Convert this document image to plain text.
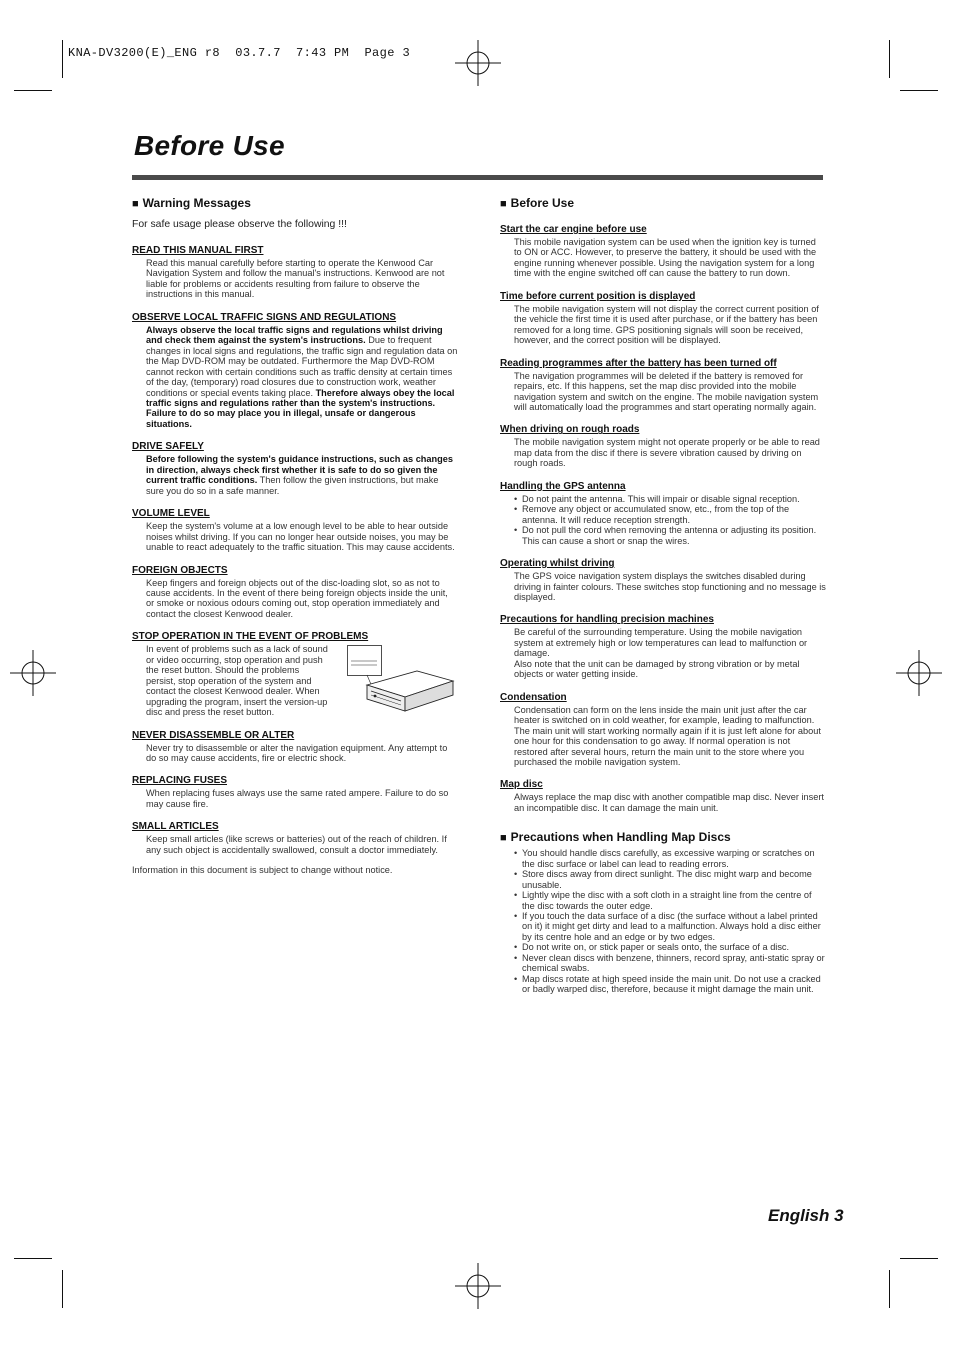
KNA-DV3200(E)_ENG r8  03.7.7  7:43 PM  Page 3
Before Use
■ Warning Messages
For safe usage please observe the following !!!
READ THIS MANUAL FIRST
Read this manual carefully before starting to operate the Kenwood Car Navigation System and follow the manual's instructions. Kenwood are not liable for problems or accidents resulting from failure to observe the instructions in this manual.
OBSERVE LOCAL TRAFFIC SIGNS AND REGULATIONS
Always observe the local traffic signs and regulations whilst driving and check them against the system's instructions. Due to frequent changes in local signs and regulations, the traffic sign and regulation data on the Map DVD-ROM may be outdated. Furthermore the Map DVD-ROM cannot reckon with certain conditions such as traffic density at certain times of the day, (temporary) road closures due to construction work, weather conditions or special events taking place. Therefore always obey the local traffic signs and regulations rather than the system's instructions. Failure to do so may place you in illegal, unsafe or dangerous situations.
DRIVE SAFELY
Before following the system's guidance instructions, such as changes in direction, always check first whether it is safe to do so given the current traffic conditions. Then follow the given instructions, but make sure you do so in a safe manner.
VOLUME LEVEL
Keep the system's volume at a low enough level to be able to hear outside noises whilst driving. If you can no longer hear outside noises, you may be unable to react adequately to the traffic situation. This may cause accidents.
FOREIGN OBJECTS
Keep fingers and foreign objects out of the disc-loading slot, so as not to cause accidents. In the event of there being foreign objects inside the unit, or smoke or noxious odours coming out, stop operation immediately and contact the closest Kenwood dealer.
STOP OPERATION IN THE EVENT OF PROBLEMS
In event of problems such as a lack of sound or video occurring, stop operation and push the reset button. Should the problems persist, stop operation of the system and contact the closest Kenwood dealer. When upgrading the program, insert the version-up disc and press the reset button.
NEVER DISASSEMBLE OR ALTER
Never try to disassemble or alter the navigation equipment. Any attempt to do so may cause accidents, fire or electric shock.
REPLACING FUSES
When replacing fuses always use the same rated ampere. Failure to do so may cause fire.
SMALL ARTICLES
Keep small articles (like screws or batteries) out of the reach of children. If any such object is accidentally swallowed, consult a doctor immediately.
Information in this document is subject to change without notice.
■ Before Use
Start the car engine before use
This mobile navigation system can be used when the ignition key is turned to ON or ACC. However, to preserve the battery, it should be used with the engine running whenever possible. Using the navigation system for a long time with the engine switched off can cause the battery to run down.
Time before current position is displayed
The mobile navigation system will not display the correct current position of the vehicle the first time it is used after purchase, or if the battery has been removed for a long time. GPS positioning signals will soon be received, however, and the correct position will be displayed.
Reading programmes after the battery has been turned off
The navigation programmes will be deleted if the battery is removed for repairs, etc. If this happens, set the map disc provided into the mobile navigation system and switch on the engine. The mobile navigation system will automatically load the programmes and start operating normally again.
When driving on rough roads
The mobile navigation system might not operate properly or be able to read map data from the disc if there is severe vibration caused by driving on rough roads.
Handling the GPS antenna
• Do not paint the antenna. This will impair or disable signal reception.
• Remove any object or accumulated snow, etc., from the top of the antenna. It will reduce reception strength.
• Do not pull the cord when removing the antenna or adjusting its position. This can cause a short or snap the wires.
Operating whilst driving
The GPS voice navigation system displays the switches disabled during driving in fainter colours. These switches stop functioning and no message is displayed.
Precautions for handling precision machines
Be careful of the surrounding temperature. Using the mobile navigation system at extremely high or low temperatures can lead to malfunction or damage.
Also note that the unit can be damaged by strong vibration or by metal objects or water getting inside.
Condensation
Condensation can form on the lens inside the main unit just after the car heater is switched on in cold weather, for example, leading to malfunction. The main unit will start working normally again if it is just left alone for about one hour for this condensation to go away. If normal operation is not restored after several hours, return the main unit to the store where you purchased the mobile navigation system.
Map disc
Always replace the map disc with another compatible map disc. Never insert an incompatible disc. It can damage the main unit.
■ Precautions when Handling Map Discs
• You should handle discs carefully, as excessive warping or scratches on the disc surface or label can lead to reading errors.
• Store discs away from direct sunlight. The disc might warp and become unusable.
• Lightly wipe the disc with a soft cloth in a straight line from the centre of the disc towards the outer edge.
• If you touch the data surface of a disc (the surface without a label printed on it) it might get dirty and lead to a malfunction. Always hold a disc either by its centre hole and an edge or by two edges.
• Do not write on, or stick paper or seals onto, the surface of a disc.
• Never clean discs with benzene, thinners, record spray, anti-static spray or chemical swabs.
• Map discs rotate at high speed inside the main unit. Do not use a cracked or badly warped disc, therefore, because it might damage the main unit.
English 3
